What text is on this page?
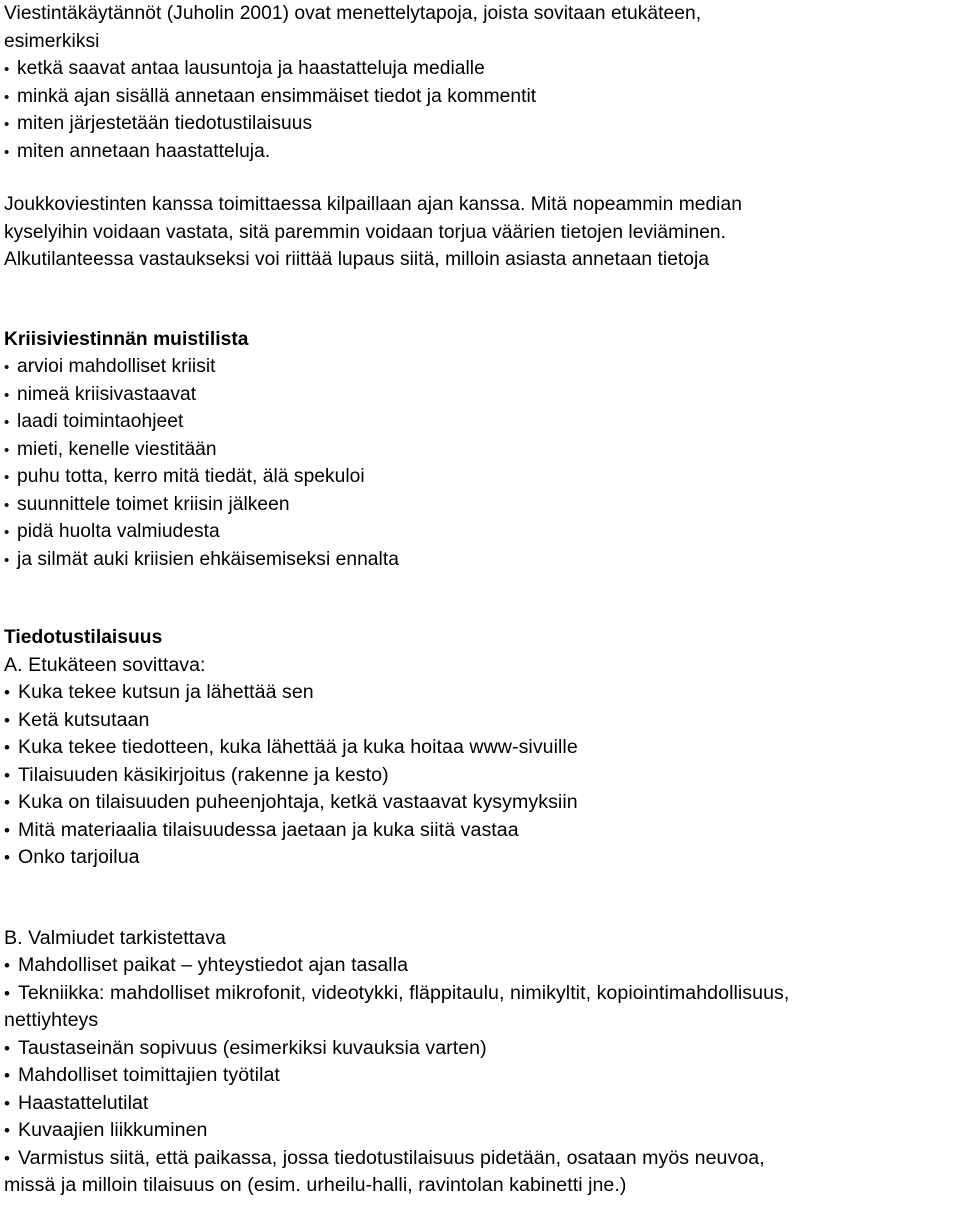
Viestintäkäytännöt (Juholin 2001) ovat menettelytapoja, joista sovitaan etukäteen,
esimerkiksi
• ketkä saavat antaa lausuntoja ja haastatteluja medialle
• minkä ajan sisällä annetaan ensimmäiset tiedot ja kommentit
• miten järjestetään tiedotustilaisuus
• miten annetaan haastatteluja.
Joukkoviestinten kanssa toimittaessa kilpaillaan ajan kanssa. Mitä nopeammin median
kyselyihin voidaan vastata, sitä paremmin voidaan torjua väärien tietojen leviäminen.
Alkutilanteessa vastaukseksi voi riittää lupaus siitä, milloin asiasta annetaan tietoja
Kriisiviestinnän muistilista
• arvioi mahdolliset kriisit
• nimeä kriisivastaavat
• laadi toimintaohjeet
• mieti, kenelle viestitään
• puhu totta, kerro mitä tiedät, älä spekuloi
• suunnittele toimet kriisin jälkeen
• pidä huolta valmiudesta
• ja silmät auki kriisien ehkäisemiseksi ennalta
Tiedotustilaisuus
A. Etukäteen sovittava:
• Kuka tekee kutsun ja lähettää sen
• Ketä kutsutaan
• Kuka tekee tiedotteen, kuka lähettää ja kuka hoitaa www-sivuille
• Tilaisuuden käsikirjoitus (rakenne ja kesto)
• Kuka on tilaisuuden puheenjohtaja, ketkä vastaavat kysymyksiin
• Mitä materiaalia tilaisuudessa jaetaan ja kuka siitä vastaa
• Onko tarjoilua
B. Valmiudet tarkistettava
• Mahdolliset paikat – yhteystiedot ajan tasalla
• Tekniikka: mahdolliset mikrofonit, videotykki, fläppitaulu, nimikyltit, kopiointimahdollisuus,
nettiyhteys
• Taustaseinän sopivuus (esimerkiksi kuvauksia varten)
• Mahdolliset toimittajien työtilat
• Haastattelutilat
• Kuvaajien liikkuminen
• Varmistus siitä, että paikassa, jossa tiedotustilaisuus pidetään, osataan myös neuvoa,
missä ja milloin tilaisuus on (esim. urheilu-halli, ravintolan kabinetti jne.)
